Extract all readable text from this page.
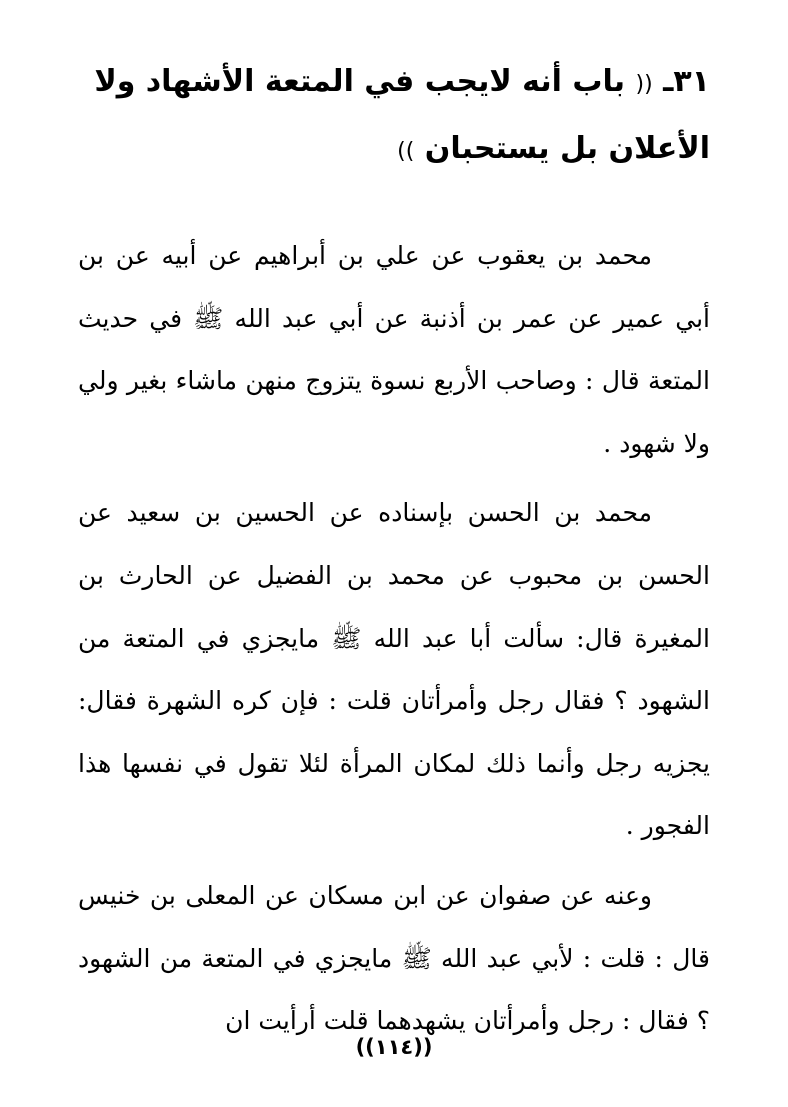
٣١ـ (( باب أنه لايجب في المتعة الأشهاد ولا الأعلان بل يستحبان ))

محمد بن يعقوب عن علي بن أبراهيم عن أبيه عن بن أبي عمير عن عمر بن أذنبة عن أبي عبد الله ﷺ في حديث المتعة قال : وصاحب الأربع نسوة يتزوج منهن ماشاء بغير ولي ولا شهود .

محمد بن الحسن بإسناده عن الحسين بن سعيد عن الحسن بن محبوب عن محمد بن الفضيل عن الحارث بن المغيرة قال: سألت أبا عبد الله ﷺ مايجزي في المتعة من الشهود ؟ فقال رجل وأمرأتان قلت : فإن كره الشهرة فقال: يجزيه رجل وأنما ذلك لمكان المرأة لئلا تقول في نفسها هذا الفجور .

وعنه عن صفوان عن ابن مسكان عن المعلى بن خنيس قال : قلت : لأبي عبد الله ﷺ مايجزي في المتعة من الشهود ؟ فقال : رجل وأمرأتان يشهدهما قلت أرأيت ان

((١١٤))
